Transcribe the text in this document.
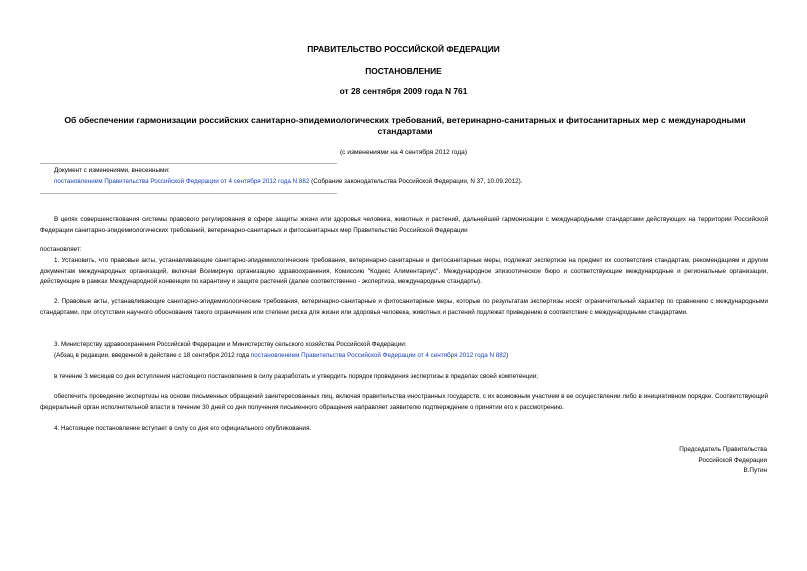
ПРАВИТЕЛЬСТВО РОССИЙСКОЙ ФЕДЕРАЦИИ
ПОСТАНОВЛЕНИЕ
от 28 сентября 2009 года N 761
Об обеспечении гармонизации российских санитарно-эпидемиологических требований, ветеринарно-санитарных и фитосанитарных мер с международными стандартами
(с изменениями на 4 сентября 2012 года)
Документ с изменениями, внесенными:
постановлением Правительства Российской Федерации от 4 сентября 2012 года N 882 (Собрание законодательства Российской Федерации, N 37, 10.09.2012).
В целях совершенствования системы правового регулирования в сфере защиты жизни или здоровья человека, животных и растений, дальнейшей гармонизации с международными стандартами действующих на территории Российской Федерации санитарно-эпидемиологических требований, ветеринарно-санитарных и фитосанитарных мер Правительство Российской Федерации
постановляет:
1. Установить, что правовые акты, устанавливающие санитарно-эпидемиологические требования, ветеринарно-санитарные и фитосанитарные меры, подлежат экспертизе на предмет их соответствия стандартам, рекомендациям и другим документам международных организаций, включая Всемирную организацию здравоохранения, Комиссию "Кодекс Алиментариус", Международное эпизоотическое бюро и соответствующие международные и региональные организации, действующие в рамках Международной конвенции по карантину и защите растений (далее соответственно - экспертиза, международные стандарты).
2. Правовые акты, устанавливающие санитарно-эпидемиологические требования, ветеринарно-санитарные и фитосанитарные меры, которые по результатам экспертизы носят ограничительный характер по сравнению с международными стандартами, при отсутствии научного обоснования такого ограничения или степени риска для жизни или здоровья человека, животных и растений подлежат приведению в соответствие с международными стандартами.
3. Министерству здравоохранения Российской Федерации и Министерству сельского хозяйства Российской Федерации:
(Абзац в редакции, введенной в действие с 18 сентября 2012 года постановлением Правительства Российской Федерации от 4 сентября 2012 года N 882)
в течение 3 месяцев со дня вступления настоящего постановления в силу разработать и утвердить порядок проведения экспертизы в пределах своей компетенции;
обеспечить проведение экспертизы на основе письменных обращений заинтересованных лиц, включая правительства иностранных государств, с их возможным участием в ее осуществлении либо в инициативном порядке. Соответствующий федеральный орган исполнительной власти в течение 30 дней со дня получения письменного обращения направляет заявителю подтверждение о принятии его к рассмотрению.
4. Настоящее постановление вступает в силу со дня его официального опубликования.
Председатель Правительства
Российской Федерации
В.Путин
